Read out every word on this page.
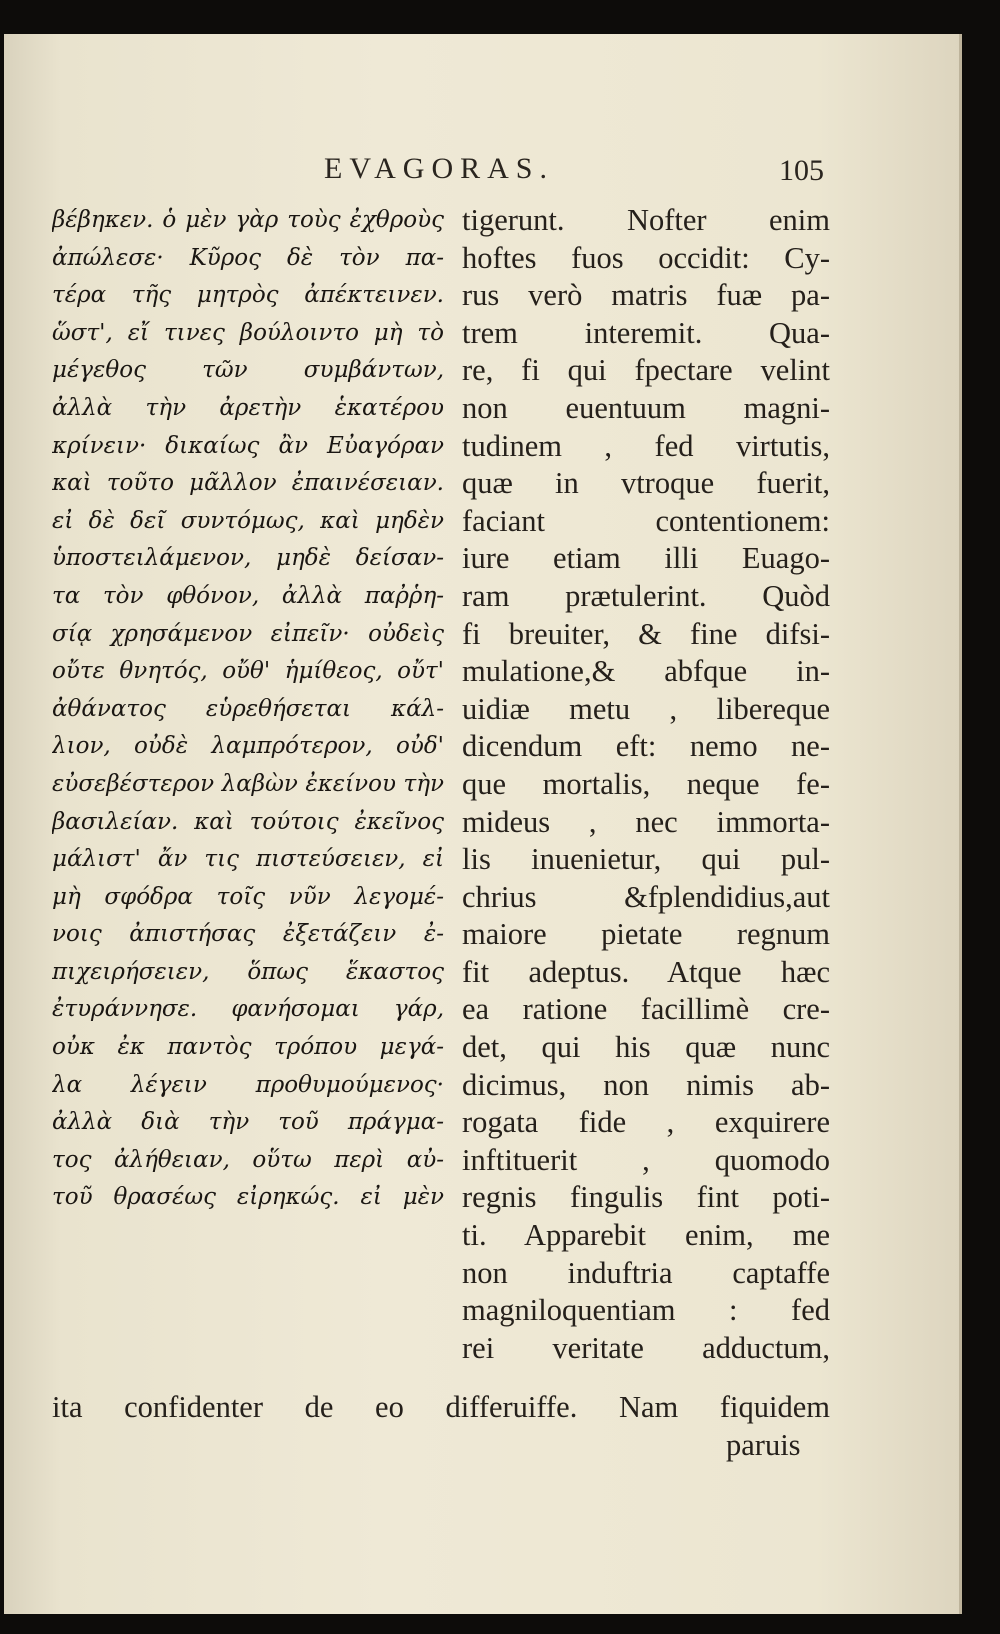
EVAGORAS.	105
βέβηκεν. ὁ μὲν γὰρ τοὺς ἐχθροὺς
ἀπώλεσε· Κῦρος δὲ τὸν πα-
τέρα τῆς μητρὸς ἀπέκτεινεν.
ὥστ', εἴ τινες βούλοιντο μὴ τὸ
μέγεθος τῶν συμβάντων,
ἀλλὰ τὴν ἀρετὴν ἑκατέρου
κρίνειν· δικαίως ἂν Εὐαγόραν
καὶ τοῦτο μᾶλλον ἐπαινέσειαν.
εἰ δὲ δεῖ συντόμως, καὶ μηδὲν
ὑποστειλάμενον, μηδὲ δείσαν-
τα τὸν φθόνον, ἀλλὰ παῤῥη-
σίᾳ χρησάμενον εἰπεῖν· οὐδεὶς
οὔτε θνητός, οὔθ' ἡμίθεος, οὔτ'
ἀθάνατος εὑρεθήσεται κάλ-
λιον, οὐδὲ λαμπρότερον, οὐδ'
εὐσεβέστερον λαβὼν ἐκείνου τὴν
βασιλείαν. καὶ τούτοις ἐκεῖνος
μάλιστ' ἄν τις πιστεύσειεν, εἰ
μὴ σφόδρα τοῖς νῦν λεγομέ-
νοις ἀπιστήσας ἐξετάζειν ἐ-
πιχειρήσειεν, ὅπως ἕκαστος
ἐτυράννησε. φανήσομαι γάρ,
οὐκ ἐκ παντὸς τρόπου μεγά-
λα λέγειν προθυμούμενος·
ἀλλὰ διὰ τὴν τοῦ πράγμα-
τος ἀλήθειαν, οὕτω περὶ αὐ-
τοῦ θρασέως εἰρηκώς. εἰ μὲν
tigerunt. Nofter enim
hoftes fuos occidit: Cy-
rus verò matris fuæ pa-
trem interemit. Qua-
re, fi qui fpectare velint
non euentuum magni-
tudinem , fed virtutis,
quæ in vtroque fuerit,
faciant contentionem:
iure etiam illi Euago-
ram prætulerint. Quòd
fi breuiter, & fine difsi-
mulatione,& abfque in-
uidiæ metu , libereque
dicendum eft: nemo ne-
que mortalis, neque fe-
mideus , nec immorta-
lis inuenietur, qui pul-
chrius &fplendidius,aut
maiore pietate regnum
fit adeptus. Atque hæc
ea ratione facillimè cre-
det, qui his quæ nunc
dicimus, non nimis ab-
rogata fide , exquirere
inftituerit , quomodo
regnis fingulis fint poti-
ti. Apparebit enim, me
non induftria captaffe
magniloquentiam : fed
rei veritate adductum,
ita confidenter de eo differuiffe. Nam fiquidem
paruis
